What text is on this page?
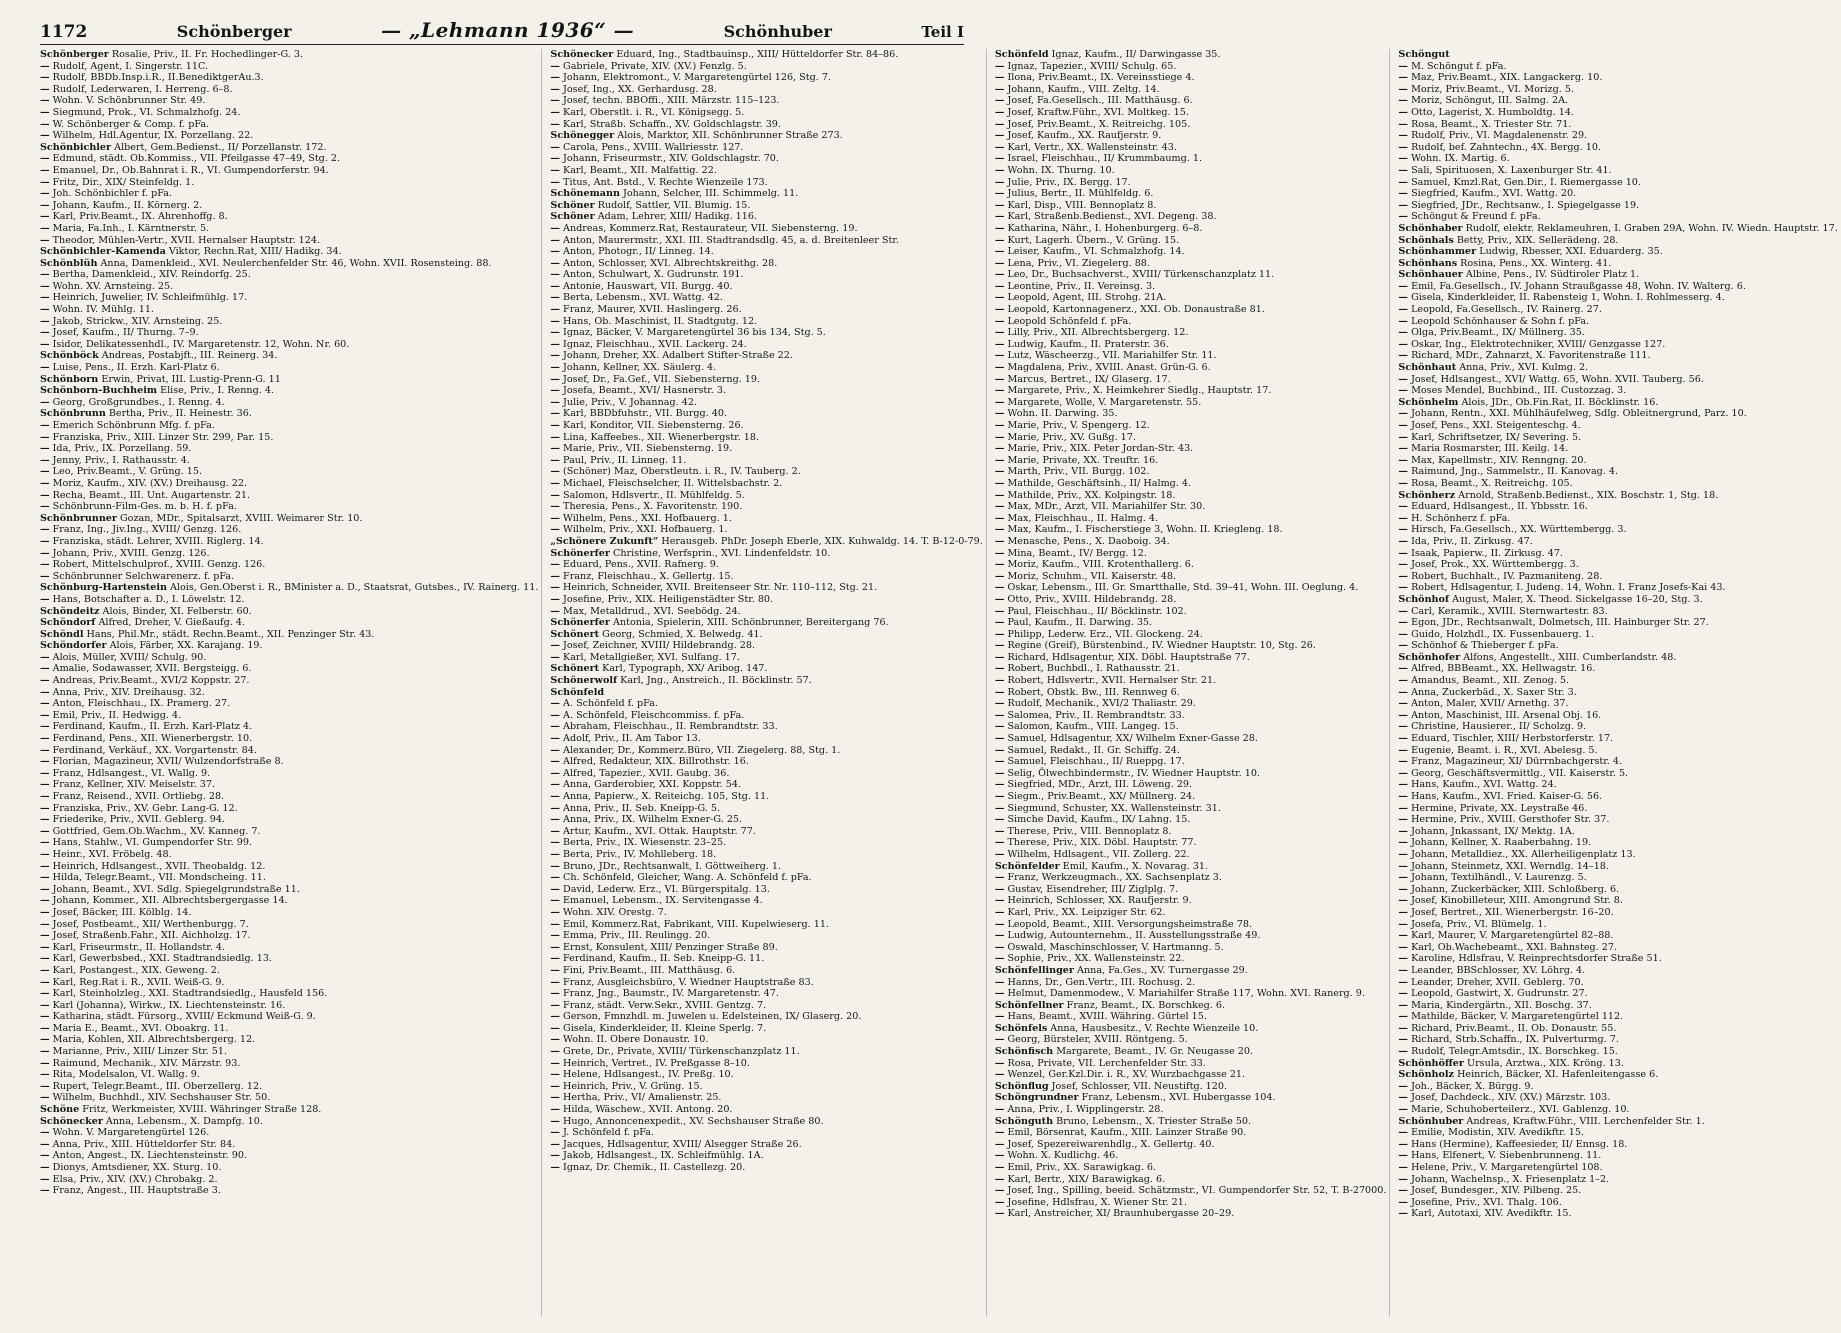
1172	Schönberger	— „Lehmann 1936“ —	Schönhuber	Teil I
Schönberger Rosalie, Priv., II. Fr. Hochedlinger-G. 3.
— Rudolf, Agent, I. Singerstr. 11C.
— Rudolf, BBDb.Insp.i.R., II.BenediktgerAu.3.
— Rudolf, Lederwaren, I. Herreng. 6–8.
— Wohn. V. Schönbrunner Str. 49.
— Siegmund, Prok., VI. Schmalzhofg. 24.
— W. Schönberger & Comp. f. pFa.
— Wilhelm, Hdl.Agentur, IX. Porzellang. 22.
Schönbichler Albert, Gem.Bedienst., II/ Porzellanstr. 172.
— Edmund, städt. Ob.Kommiss., VII. Pfeilgasse 47–49, Stg. 2.
— Emanuel, Dr., Ob.Bahnrat i. R., VI. Gumpendorferstr. 94.
— Fritz, Dir., XIX/ Steinfeldg. 1.
— Joh. Schönbichler f. pFa.
— Johann, Kaufm., II. Körnerg. 2.
— Karl, Priv.Beamt., IX. Ahrenhoffg. 8.
— Maria, Fa.Inh., I. Kärntnerstr. 5.
— Theodor, Mühlen-Vertr., XVII. Hernalser Hauptstr. 124.
Schönbichler-Kamenda Viktor, Rechn.Rat, XIII/ Hadikg. 34.
Schönblüh Anna, Damenkleid., XVI. Neulerchenfelder Str. 46, Wohn. XVII. Rosensteing. 88.
— Bertha, Damenkleid., XIV. Reindorfg. 25.
— Wohn. XV. Arnsteing. 25.
— Heinrich, Juwelier, IV. Schleifmühlg. 17.
— Wohn. IV. Mühlg. 11.
— Jakob, Strickw., XIV. Arnsteing. 25.
— Josef, Kaufm., II/ Thurng. 7–9.
— Isidor, Delikatessenhdl., IV. Margaretenstr. 12, Wohn. Nr. 60.
Schönböck Andreas, Postabjft., III. Reinerg. 34.
— Luise, Pens., II. Erzh. Karl-Platz 6.
Schönborn Erwin, Privat, III. Lustig-Prenn-G. 11
Schönborn-Buchheim Elise, Priv., I. Renng. 4.
— Georg, Großgrundbes., I. Renng. 4.
Schönbrunn Bertha, Priv., II. Heinestr. 36.
— Emerich Schönbrunn Mfg. f. pFa.
— Franziska, Priv., XIII. Linzer Str. 299, Par. 15.
— Ida, Priv., IX. Porzellang. 59.
— Jenny, Priv., I. Rathausstr. 4.
— Leo, Priv.Beamt., V. Grüng. 15.
— Moriz, Kaufm., XIV. (XV.) Dreihausg. 22.
— Recha, Beamt., III. Unt. Augartenstr. 21.
— Schönbrunn-Film-Ges. m. b. H. f. pFa.
Schönbrunner Gozan, MDr., Spitalsarzt, XVIII. Weimarer Str. 10.
— Franz, Ing., Jiv.Ing., XVIII/ Genzg. 126.
— Franziska, städt. Lehrer, XVIII. Riglerg. 14.
— Johann, Priv., XVIII. Genzg. 126.
— Robert, Mittelschulprof., XVIII. Genzg. 126.
— Schönbrunner Selchwarenerz. f. pFa.
Schönburg-Hartenstein Alois, Gen.Oberst i. R., BMinister a. D., Staatsrat, Gutsbes., IV. Rainerg. 11.
— Hans, Botschafter a. D., I. Löwelstr. 12.
Schöndeitz Alois, Binder, XI. Felberstr. 60.
Schöndorf Alfred, Dreher, V. Gießaufg. 4.
Schöndl Hans, Phil.Mr., städt. Rechn.Beamt., XII. Penzinger Str. 43.
Schöndorfer Alois, Färber, XX. Karajang. 19.
— Alois, Müller, XVIII/ Schulg. 90.
— Amalie, Sodawasser, XVII. Bergsteigg. 6.
— Andreas, Priv.Beamt., XVI/2 Koppstr. 27.
— Anna, Priv., XIV. Dreihausg. 32.
— Anton, Fleischhau., IX. Pramerg. 27.
— Emil, Priv., II. Hedwigg. 4.
— Ferdinand, Kaufm., II. Erzh. Karl-Platz 4.
— Ferdinand, Pens., XII. Wienerbergstr. 10.
— Ferdinand, Verkäuf., XX. Vorgartenstr. 84.
— Florian, Magazineur, XVII/ Wulzendorfstraße 8.
— Franz, Hdlsangest., VI. Wallg. 9.
— Franz, Kellner, XIV. Meiselstr. 37.
— Franz, Reisend., XVII. Ortliebg. 28.
— Franziska, Priv., XV. Gebr. Lang-G. 12.
— Friederike, Priv., XVII. Geblerg. 94.
— Gottfried, Gem.Ob.Wachm., XV. Kanneg. 7.
— Hans, Stahlw., VI. Gumpendorfer Str. 99.
— Heinr., XVI. Fröbelg. 48.
— Heinrich, Hdlsangest., XVII. Theobaldg. 12.
— Hilda, Telegr.Beamt., VII. Mondscheing. 11.
— Johann, Beamt., XVI. Sdlg. Spiegelgrundstraße 11.
— Johann, Kommer., XII. Albrechtsbergergasse 14.
— Josef, Bäcker, III. Kölblg. 14.
— Josef, Postbeamt., XII/ Werthenburgg. 7.
— Josef, Straßenb.Fahr., XII. Aichholzg. 17.
— Karl, Friseurmstr., II. Hollandstr. 4.
— Karl, Gewerbsbed., XXI. Stadtrandsiedlg. 13.
— Karl, Postangest., XIX. Geweng. 2.
— Karl, Reg.Rat i. R., XVII. Weiß-G. 9.
— Karl, Steinholzleg., XXI. Stadtrandsiedlg., Hausfeld 156.
— Karl (Johanna), Wirkw., IX. Liechtensteinstr. 16.
— Katharina, städt. Fürsorg., XVIII/ Eckmund Weiß-G. 9.
— Maria E., Beamt., XVI. Oboakrg. 11.
— Maria, Kohlen, XII. Albrechtsbergerg. 12.
— Marianne, Priv., XIII/ Linzer Str. 51.
— Raimund, Mechanik., XIV. Märzstr. 93.
— Rita, Modelsalon, VI. Wallg. 9.
— Rupert, Telegr.Beamt., III. Oberzellerg. 12.
— Wilhelm, Buchhdl., XIV. Sechshauser Str. 50.
Schöne Fritz, Werkmeister, XVIII. Währinger Straße 128.
Schönecker Anna, Lebensm., X. Dampfg. 10.
— Wohn. V. Margaretengürtel 126.
— Anna, Priv., XIII. Hütteldorfer Str. 84.
— Anton, Angest., IX. Liechtensteinstr. 90.
— Dionys, Amtsdiener, XX. Sturg. 10.
— Elsa, Priv., XIV. (XV.) Chrobakg. 2.
— Franz, Angest., III. Hauptstraße 3.
Schönecker Eduard, Ing., Stadtbauinsp., XIII/ Hütteldorfer Str. 84–86.
— Gabriele, Private, XIV. (XV.) Fenzlg. 5.
— Johann, Elektromont., V. Margaretengürtel 126, Stg. 7.
— Josef, Ing., XX. Gerhardusg. 28.
— Josef, techn. BBOffi., XIII. Märzstr. 115–123.
— Karl, Oberstlt. i. R., VI. Königsegg. 5.
— Karl, Straßb. Schaffn., XV. Goldschlagstr. 39.
Schönegger Alois, Marktor, XII. Schönbrunner Straße 273.
— Carola, Pens., XVIII. Wallriesstr. 127.
— Johann, Friseurmstr., XIV. Goldschlagstr. 70.
— Karl, Beamt., XII. Malfattig. 22.
— Titus, Ant. Bstd., V. Rechte Wienzeile 173.
Schönemann Johann, Selcher, III. Schimmelg. 11.
Schöner Rudolf, Sattler, VII. Blumig. 15.
Schöner Adam, Lehrer, XIII/ Hadikg. 116.
— Andreas, Kommerz.Rat, Restaurateur, VII. Siebensterng. 19.
— Anton, Maurermstr., XXI. III. Stadtrandsdlg. 45, a. d. Breitenleer Str.
— Anton, Photogr., II/ Linneg. 14.
— Anton, Schlosser, XVI. Albrechtskreithg. 28.
— Anton, Schulwart, X. Gudrunstr. 191.
— Antonie, Hauswart, VII. Burgg. 40.
— Berta, Lebensm., XVI. Wattg. 42.
— Franz, Maurer, XVII. Haslingerg. 26.
— Hans, Ob. Maschinist, II. Stadtgutg. 12.
— Ignaz, Bäcker, V. Margaretengürtel 36 bis 134, Stg. 5.
— Ignaz, Fleischhau., XVII. Lackerg. 24.
— Johann, Dreher, XX. Adalbert Stifter-Straße 22.
— Johann, Kellner, XX. Säulerg. 4.
— Josef, Dr., Fa.Gef., VII. Siebensterng. 19.
— Josefa, Beamt., XVI/ Hasnerstr. 3.
— Julie, Priv., V. Johannag. 42.
— Karl, BBDbfuhstr., VII. Burgg. 40.
— Karl, Konditor, VII. Siebensterng. 26.
— Lina, Kaffeebes., XII. Wienerbergstr. 18.
— Marie, Priv., VII. Siebensterng. 19.
— Paul, Priv., II. Linneg. 11.
— (Schöner) Maz, Oberstleutn. i. R., IV. Tauberg. 2.
— Michael, Fleischselcher, II. Wittelsbachstr. 2.
— Salomon, Hdlsvertr., II. Mühlfeldg. 5.
— Theresia, Pens., X. Favoritenstr. 190.
— Wilhelm, Pens., XXI. Hofbauerg. 1.
— Wilhelm, Priv., XXI. Hofbauerg. 1.
„Schönere Zukunft“ Herausgeb. PhDr. Joseph Eberle, XIX. Kuhwaldg. 14. T. B-12-0-79.
Schönerfer Christine, Werfsprin., XVI. Lindenfeldstr. 10.
— Eduard, Pens., XVII. Rafnerg. 9.
— Franz, Fleischhau., X. Gellertg. 15.
— Heinrich, Schneider, XVII. Breitenseer Str. Nr. 110–112, Stg. 21.
— Josefine, Priv., XIX. Heiligenstädter Str. 80.
— Max, Metalldrud., XVI. Seebödg. 24.
Schönerfer Antonia, Spielerin, XIII. Schönbrunner, Bereitergang 76.
Schönert Georg, Schmied, X. Belwedg. 41.
— Josef, Zeichner, XVIII/ Hildebrandg. 28.
— Karl, Metallgießer, XVI. Sulfang. 17.
Schönert Karl, Typograph, XX/ Aribog. 147.
Schönerwolf Karl, Jng., Anstreich., II. Böcklinstr. 57.
Schönfeld
— A. Schönfeld f. pFa.
— A. Schönfeld, Fleischcommiss. f. pFa.
— Abraham, Fleischhau., II. Rembrandtstr. 33.
— Adolf, Priv., II. Am Tabor 13.
— Alexander, Dr., Kommerz.Büro, VII. Ziegelerg. 88, Stg. 1.
— Alfred, Redakteur, XIX. Billrothstr. 16.
— Alfred, Tapezier., XVII. Gaubg. 36.
— Anna, Garderobier, XXI. Koppstr. 54.
— Anna, Papierw., X. Reiteichg. 105, Stg. 11.
— Anna, Priv., II. Seb. Kneipp-G. 5.
— Anna, Priv., IX. Wilhelm Exner-G. 25.
— Artur, Kaufm., XVI. Ottak. Hauptstr. 77.
— Berta, Priv., IX. Wiesenstr. 23–25.
— Berta, Priv., IV. Mohlleberg. 18.
— Bruno, JDr., Rechtsanwalt, I. Göttweiherg. 1.
— Ch. Schönfeld, Gleicher, Wang. A. Schönfeld f. pFa.
— David, Lederw. Erz., VI. Bürgerspitalg. 13.
— Emanuel, Lebensm., IX. Servitengasse 4.
— Wohn. XIV. Orestg. 7.
— Emil, Kommerz.Rat, Fabrikant, VIII. Kupelwieserg. 11.
— Emma, Priv., III. Reulingg. 20.
— Ernst, Konsulent, XIII/ Penzinger Straße 89.
— Ferdinand, Kaufm., II. Seb. Kneipp-G. 11.
— Fini, Priv.Beamt., III. Matthäusg. 6.
— Franz, Ausgleichsbüro, V. Wiedner Hauptstraße 83.
— Franz, Jng., Baumstr., IV. Margaretenstr. 47.
— Franz, städt. Verw.Sekr., XVIII. Gentzg. 7.
— Gerson, Fmnzhdl. m. Juwelen u. Edelsteinen, IX/ Glaserg. 20.
— Gisela, Kinderkleider, II. Kleine Sperlg. 7.
— Wohn. II. Obere Donaustr. 10.
— Grete, Dr., Private, XVIII/ Türkenschanzplatz 11.
— Heinrich, Vertret., IV. Preßgasse 8–10.
— Helene, Hdlsangest., IV. Preßg. 10.
— Heinrich, Priv., V. Grüng. 15.
— Hertha, Priv., VI/ Amalienstr. 25.
— Hilda, Wäschew., XVII. Antong. 20.
— Hugo, Annoncenexpedit., XV. Sechshauser Straße 80.
— J. Schönfeld f. pFa.
— Jacques, Hdlsagentur, XVIII/ Alsegger Straße 26.
— Jakob, Hdlsangest., IX. Schleifmühlg. 1A.
— Ignaz, Dr. Chemik., II. Castellezg. 20.
Schönfeld Ignaz, Kaufm., II/ Darwingasse 35.
— Ignaz, Tapezier., XVIII/ Schulg. 65.
— Ilona, Priv.Beamt., IX. Vereinsstiege 4.
— Johann, Kaufm., VIII. Zeltg. 14.
— Josef, Fa.Gesellsch., III. Matthäusg. 6.
— Josef, Kraftw.Führ., XVI. Moltkeg. 15.
— Josef, Priv.Beamt., X. Reitreichg. 105.
— Josef, Kaufm., XX. Raufjerstr. 9.
— Karl, Vertr., XX. Wallensteinstr. 43.
— Israel, Fleischhau., II/ Krummbaumg. 1.
— Wohn. IX. Thurng. 10.
— Julie, Priv., IX. Bergg. 17.
— Julius, Bertr., II. Mühlfeldg. 6.
— Karl, Disp., VIII. Bennoplatz 8.
— Karl, Straßenb.Bedienst., XVI. Degeng. 38.
— Katharina, Nähr., I. Hohenburgerg. 6–8.
— Kurt, Lagerh. Übern., V. Grüng. 15.
— Leiser, Kaufm., VI. Schmalzhofg. 14.
— Lena, Priv., VI. Ziegelerg. 88.
— Leo, Dr., Buchsachverst., XVIII/ Türkenschanzplatz 11.
— Leontine, Priv., II. Vereinsg. 3.
— Leopold, Agent, III. Strohg. 21A.
— Leopold, Kartonnagenerz., XXI. Ob. Donaustraße 81.
— Leopold Schönfeld f. pFa.
— Lilly, Priv., XII. Albrechtsbergerg. 12.
— Ludwig, Kaufm., II. Praterstr. 36.
— Lutz, Wäscheerzg., VII. Mariahilfer Str. 11.
— Magdalena, Priv., XVIII. Anast. Grün-G. 6.
— Marcus, Bertret., IX/ Glaserg. 17.
— Margarete, Priv., X. Heimkehrer Siedlg., Hauptstr. 17.
— Margarete, Wolle, V. Margaretenstr. 55.
— Wohn. II. Darwing. 35.
— Marie, Priv., V. Spengerg. 12.
— Marie, Priv., XV. Gußg. 17.
— Marie, Priv., XIX. Peter Jordan-Str. 43.
— Marie, Private, XX. Treuftr. 16.
— Marth, Priv., VII. Burgg. 102.
— Mathilde, Geschäftsinh., II/ Halmg. 4.
— Mathilde, Priv., XX. Kolpingstr. 18.
— Max, MDr., Arzt, VII. Mariahilfer Str. 30.
— Max, Fleischhau., II. Halmg. 4.
— Max, Kaufm., I. Fischerstiege 3, Wohn. II. Kriegleng. 18.
— Menasche, Pens., X. Daoboig. 34.
— Mina, Beamt., IV/ Bergg. 12.
— Moriz, Kaufm., VIII. Krotenthallerg. 6.
— Moriz, Schuhm., VII. Kaiserstr. 48.
— Oskar, Lebensm., III. Gr. Smartthalle, Std. 39–41, Wohn. III. Oeglung. 4.
— Otto, Priv., XVIII. Hildebrandg. 28.
— Paul, Fleischhau., II/ Böcklinstr. 102.
— Paul, Kaufm., II. Darwing. 35.
— Philipp, Lederw. Erz., VII. Glockeng. 24.
— Regine (Greif), Bürstenbind., IV. Wiedner Hauptstr. 10, Stg. 26.
— Richard, Hdlsagentur, XIX. Döbl. Hauptstraße 77.
— Robert, Buchbdl., I. Rathausstr. 21.
— Robert, Hdlsvertr., XVII. Hernalser Str. 21.
— Robert, Obstk. Bw., III. Rennweg 6.
— Rudolf, Mechanik., XVI/2 Thaliastr. 29.
— Salomea, Priv., II. Rembrandtstr. 33.
— Salomon, Kaufm., VIII. Langeg. 15.
— Samuel, Hdlsagentur, XX/ Wilhelm Exner-Gasse 28.
— Samuel, Redakt., II. Gr. Schiffg. 24.
— Samuel, Fleischhau., II/ Rueppg. 17.
— Selig, Ölwechbindermstr., IV. Wiedner Hauptstr. 10.
— Siegfried, MDr., Arzt, III. Löweng. 29.
— Siegm., Priv.Beamt., XX/ Müllnerg. 24.
— Siegmund, Schuster, XX. Wallensteinstr. 31.
— Simche David, Kaufm., IX/ Lahng. 15.
— Therese, Priv., VIII. Bennoplatz 8.
— Therese, Priv., XIX. Döbl. Hauptstr. 77.
— Wilhelm, Hdlsagent., VII. Zollerg. 22.
Schönfelder Emil, Kaufm., X. Novarag. 31.
— Franz, Werkzeugmach., XX. Sachsenplatz 3.
— Gustav, Eisendreher, III/ Ziglplg. 7.
— Heinrich, Schlosser, XX. Raufjerstr. 9.
— Karl, Priv., XX. Leipziger Str. 62.
— Leopold, Beamt., XIII. Versorgungsheimstraße 78.
— Ludwig, Autounternehm., II. Ausstellungsstraße 49.
— Oswald, Maschinschlosser, V. Hartmanng. 5.
— Sophie, Priv., XX. Wallensteinstr. 22.
Schönfellinger Anna, Fa.Ges., XV. Turnergasse 29.
— Hanns, Dr., Gen.Vertr., III. Rochusg. 2.
— Helmut, Damenmodew., V. Mariahilfer Straße 117, Wohn. XVI. Ranerg. 9.
Schönfellner Franz, Beamt., IX. Borschkeg. 6.
— Hans, Beamt., XVIII. Währing. Gürtel 15.
Schönfels Anna, Hausbesitz., V. Rechte Wienzeile 10.
— Georg, Bürsteler, XVIII. Röntgeng. 5.
Schönfisch Margarete, Beamt., IV. Gr. Neugasse 20.
— Rosa, Private, VII. Lerchenfelder Str. 33.
— Wenzel, Ger.Kzl.Dir. i. R., XV. Wurzbachgasse 21.
Schönflug Josef, Schlosser, VII. Neustiftg. 120.
Schöngrundner Franz, Lebensm., XVI. Hubergasse 104.
— Anna, Priv., I. Wipplingerstr. 28.
Schönguth Bruno, Lebensm., X. Triester Straße 50.
— Emil, Börsenrat, Kaufm., XIII. Lainzer Straße 90.
— Josef, Spezereiwarenhdlg., X. Gellertg. 40.
— Wohn. X. Kudlichg. 46.
— Emil, Priv., XX. Sarawigkag. 6.
— Karl, Bertr., XIX/ Barawigkag. 6.
— Josef, Ing., Spilling, beeid. Schätzmstr., VI. Gumpendorfer Str. 52, T. B-27000.
— Josefine, Hdlsfrau, X. Wiener Str. 21.
— Karl, Anstreicher, XI/ Braunhubergasse 20–29.
Schöngut
— M. Schöngut f. pFa.
— Maz, Priv.Beamt., XIX. Langackerg. 10.
— Moriz, Priv.Beamt., VI. Morizg. 5.
— Moriz, Schöngut, III. Salmg. 2A.
— Otto, Lagerist, X. Humboldtg. 14.
— Rosa, Beamt., X. Triester Str. 71.
— Rudolf, Priv., VI. Magdalenenstr. 29.
— Rudolf, bef. Zahntechn., 4X. Bergg. 10.
— Wohn. IX. Martig. 6.
— Sali, Spirituosen, X. Laxenburger Str. 41.
— Samuel, Kmzl.Rat, Gen.Dir., I. Riemergasse 10.
— Siegfried, Kaufm., XVI. Wattg. 20.
— Siegfried, JDr., Rechtsanw., I. Spiegelgasse 19.
— Schöngut & Freund f. pFa.
Schönhaber Rudolf, elektr. Reklameuhren, I. Graben 29A, Wohn. IV. Wiedn. Hauptstr. 17.
Schönhals Betty, Priv., XIX. Sellerädeng. 28.
Schönhammer Ludwig, Rbesser, XXI. Eduarderg. 35.
Schönhans Rosina, Pens., XX. Winterg. 41.
Schönhauer Albine, Pens., IV. Südtiroler Platz 1.
— Emil, Fa.Gesellsch., IV. Johann Straußgasse 48, Wohn. IV. Walterg. 6.
— Gisela, Kinderkleider, II. Rabensteig 1, Wohn. I. Rohlmesserg. 4.
— Leopold, Fa.Gesellsch., IV. Rainerg. 27.
— Leopold Schönhauser & Sohn f. pFa.
— Olga, Priv.Beamt., IX/ Müllnerg. 35.
— Oskar, Ing., Elektrotechniker, XVIII/ Genzgasse 127.
— Richard, MDr., Zahnarzt, X. Favoritenstraße 111.
Schönhaut Anna, Priv., XVI. Kulmg. 2.
— Josef, Hdlsangest., XVI/ Wattg. 65, Wohn. XVII. Tauberg. 56.
— Moses Mendel, Buchbind., III. Custozzag. 3.
Schönhelm Alois, JDr., Ob.Fin.Rat, II. Böcklinstr. 16.
— Johann, Rentn., XXI. Mühlhäufelweg, Sdlg. Obleitnergrund, Parz. 10.
— Josef, Pens., XXI. Steigenteschg. 4.
— Karl, Schriftsetzer, IX/ Severing. 5.
— Maria Rosmarster, III. Keilg. 14.
— Max, Kapellmstr., XIV. Renngng. 20.
— Raimund, Jng., Sammelstr., II. Kanovag. 4.
— Rosa, Beamt., X. Reitreichg. 105.
Schönherz Arnold, Straßenb.Bedienst., XIX. Boschstr. 1, Stg. 18.
— Eduard, Hdlsangest., II. Ybbsstr. 16.
— H. Schönherz f. pFa.
— Hirsch, Fa.Gesellsch., XX. Württembergg. 3.
— Ida, Priv., II. Zirkusg. 47.
— Isaak, Papierw., II. Zirkusg. 47.
— Josef, Prok., XX. Württembergg. 3.
— Robert, Buchhalt., IV. Pazmaniteng. 28.
— Robert, Hdlsagentur, I. Judeng. 14, Wohn. I. Franz Josefs-Kai 43.
Schönhof August, Maler, X. Theod. Sickelgasse 16–20, Stg. 3.
— Carl, Keramik., XVIII. Sternwartestr. 83.
— Egon, JDr., Rechtsanwalt, Dolmetsch, III. Hainburger Str. 27.
— Guido, Holzhdl., IX. Fussenbauerg. 1.
— Schönhof & Thieberger f. pFa.
Schönhofer Alfons, Angestellt., XIII. Cumberlandstr. 48.
— Alfred, BBBeamt., XX. Hellwagstr. 16.
— Amandus, Beamt., XII. Zenog. 5.
— Anna, Zuckerbäd., X. Saxer Str. 3.
— Anton, Maler, XVII/ Arnethg. 37.
— Anton, Maschinist, III. Arsenal Obj. 16.
— Christine, Hausierer., II/ Scholzg. 9.
— Eduard, Tischler, XIII/ Herbstorferstr. 17.
— Eugenie, Beamt. i. R., XVI. Abelesg. 5.
— Franz, Magazineur, XI/ Dürrnbachgerstr. 4.
— Georg, Geschäftsvermittlg., VII. Kaiserstr. 5.
— Hans, Kaufm., XVI. Wattg. 24.
— Hans, Kaufm., XVI. Fried. Kaiser-G. 56.
— Hermine, Private, XX. Leystraße 46.
— Hermine, Priv., XVIII. Gersthofer Str. 37.
— Johann, Jnkassant, IX/ Mektg. 1A.
— Johann, Kellner, X. Raaberbahng. 19.
— Johann, Metalldiez., XX. Allerheiligenplatz 13.
— Johann, Steinmetz, XXI. Werndlg. 14–18.
— Johann, Textilhändl., V. Laurenzg. 5.
— Johann, Zuckerbäcker, XIII. Schloßberg. 6.
— Josef, Kinobilleteur, XIII. Amongrund Str. 8.
— Josef, Bertret., XII. Wienerbergstr. 16–20.
— Josefa, Priv., VI. Blümelg. 1.
— Karl, Maurer, V. Margaretengürtel 82–88.
— Karl, Ob.Wachebeamt., XXI. Bahnsteg. 27.
— Karoline, Hdlsfrau, V. Reinprechtsdorfer Straße 51.
— Leander, BBSchlosser, XV. Löhrg. 4.
— Leander, Dreher, XVII. Geblerg. 70.
— Leopold, Gastwirt, X. Gudrunstr. 27.
— Maria, Kindergärtn., XII. Boschg. 37.
— Mathilde, Bäcker, V. Margaretengürtel 112.
— Richard, Priv.Beamt., II. Ob. Donaustr. 55.
— Richard, Strb.Schaffn., IX. Pulverturmg. 7.
— Rudolf, Telegr.Amtsdir., IX. Borschkeg. 15.
Schönhöffer Ursula, Arztwa., XIX. Kröng. 13.
Schönholz Heinrich, Bäcker, XI. Hafenleitengasse 6.
— Joh., Bäcker, X. Bürgg. 9.
— Josef, Dachdeck., XIV. (XV.) Märzstr. 103.
— Marie, Schuhoberteilerz., XVI. Gablenzg. 10.
Schönhuber Andreas, Kraftw.Führ., VIII. Lerchenfelder Str. 1.
— Emilie, Modistin, XIV. Avedikftr. 15.
— Hans (Hermine), Kaffeesieder, II/ Ennsg. 18.
— Hans, Elfenert, V. Siebenbrunneng. 11.
— Helene, Priv., V. Margaretengürtel 108.
— Johann, Wachelnsp., X. Friesenplatz 1–2.
— Josef, Bundesger., XIV. Pilbeng. 25.
— Josefine, Priv., XVI. Thalg. 106.
— Karl, Autotaxi, XIV. Avedikftr. 15.
